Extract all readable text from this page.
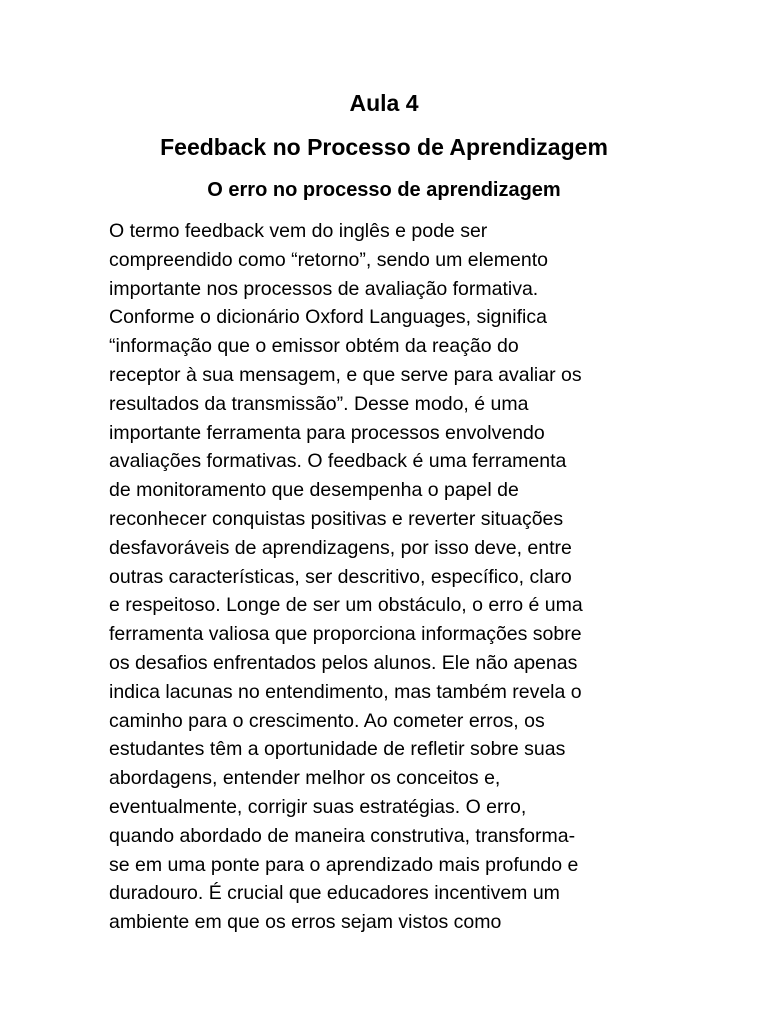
Aula 4
Feedback no Processo de Aprendizagem
O erro no processo de aprendizagem
O termo feedback vem do inglês e pode ser
compreendido como “retorno”, sendo um elemento
importante nos processos de avaliação formativa.
Conforme o dicionário Oxford Languages, significa
“informação que o emissor obtém da reação do
receptor à sua mensagem, e que serve para avaliar os
resultados da transmissão”. Desse modo, é uma
importante ferramenta para processos envolvendo
avaliações formativas. O feedback é uma ferramenta
de monitoramento que desempenha o papel de
reconhecer conquistas positivas e reverter situações
desfavoráveis de aprendizagens, por isso deve, entre
outras características, ser descritivo, específico, claro
e respeitoso. Longe de ser um obstáculo, o erro é uma
ferramenta valiosa que proporciona informações sobre
os desafios enfrentados pelos alunos. Ele não apenas
indica lacunas no entendimento, mas também revela o
caminho para o crescimento. Ao cometer erros, os
estudantes têm a oportunidade de refletir sobre suas
abordagens, entender melhor os conceitos e,
eventualmente, corrigir suas estratégias. O erro,
quando abordado de maneira construtiva, transforma-
se em uma ponte para o aprendizado mais profundo e
duradouro. É crucial que educadores incentivem um
ambiente em que os erros sejam vistos como
